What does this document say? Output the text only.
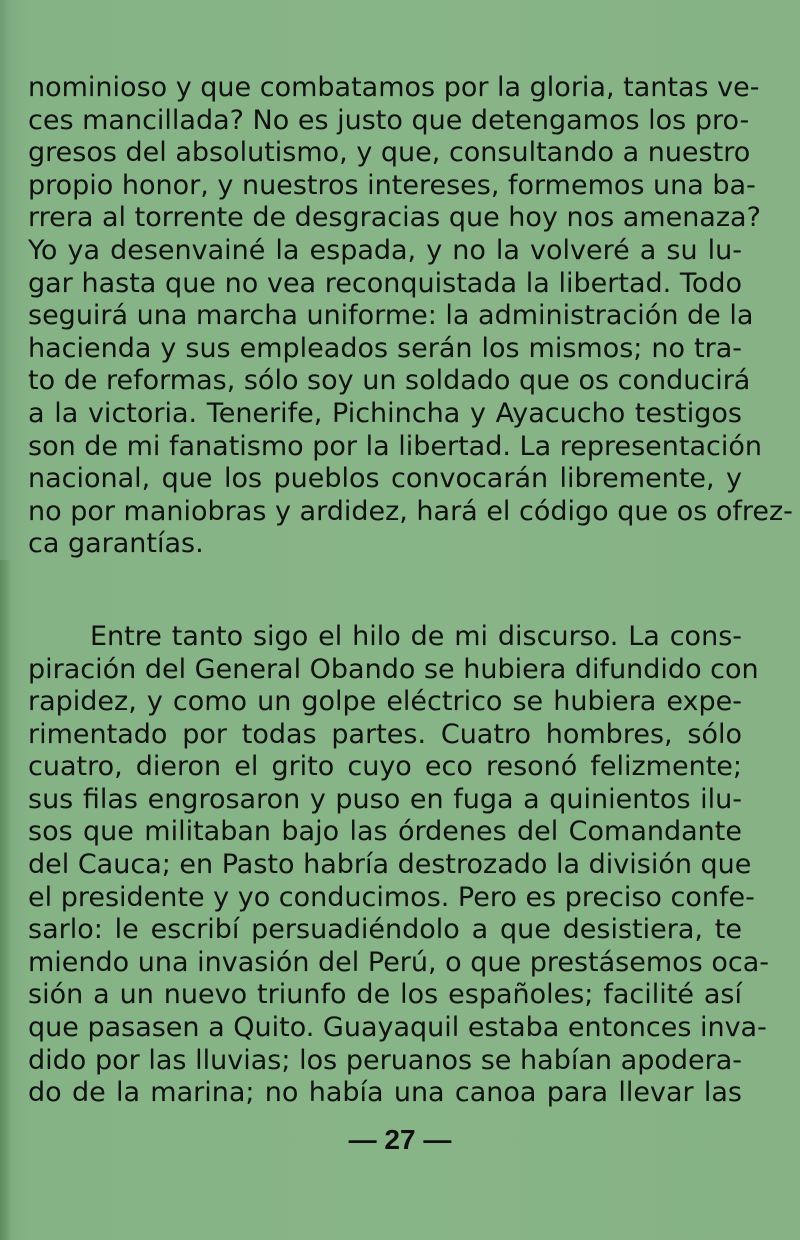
nominioso y que combatamos por la gloria, tantas ve-
ces mancillada? No es justo que detengamos los pro-
gresos del absolutismo, y que, consultando a nuestro
propio honor, y nuestros intereses, formemos una ba-
rrera al torrente de desgracias que hoy nos amenaza?
Yo ya desenvainé la espada, y no la volveré a su lu-
gar hasta que no vea reconquistada la libertad. Todo
seguirá una marcha uniforme: la administración de la
hacienda y sus empleados serán los mismos; no tra-
to de reformas, sólo soy un soldado que os conducirá
a la victoria. Tenerife, Pichincha y Ayacucho testigos
son de mi fanatismo por la libertad. La representación
nacional, que los pueblos convocarán libremente, y
no por maniobras y ardidez, hará el código que os ofrez-
ca garantías.
Entre tanto sigo el hilo de mi discurso. La cons-
piración del General Obando se hubiera difundido con
rapidez, y como un golpe eléctrico se hubiera expe-
rimentado por todas partes. Cuatro hombres, sólo
cuatro, dieron el grito cuyo eco resonó felizmente;
sus filas engrosaron y puso en fuga a quinientos ilu-
sos que militaban bajo las órdenes del Comandante
del Cauca; en Pasto habría destrozado la división que
el presidente y yo conducimos. Pero es preciso confe-
sarlo: le escribí persuadiéndolo a que desistiera, te
miendo una invasión del Perú, o que prestásemos oca-
sión a un nuevo triunfo de los españoles; facilité así
que pasasen a Quito. Guayaquil estaba entonces inva-
dido por las lluvias; los peruanos se habían apodera-
do de la marina; no había una canoa para llevar las
— 27 —
